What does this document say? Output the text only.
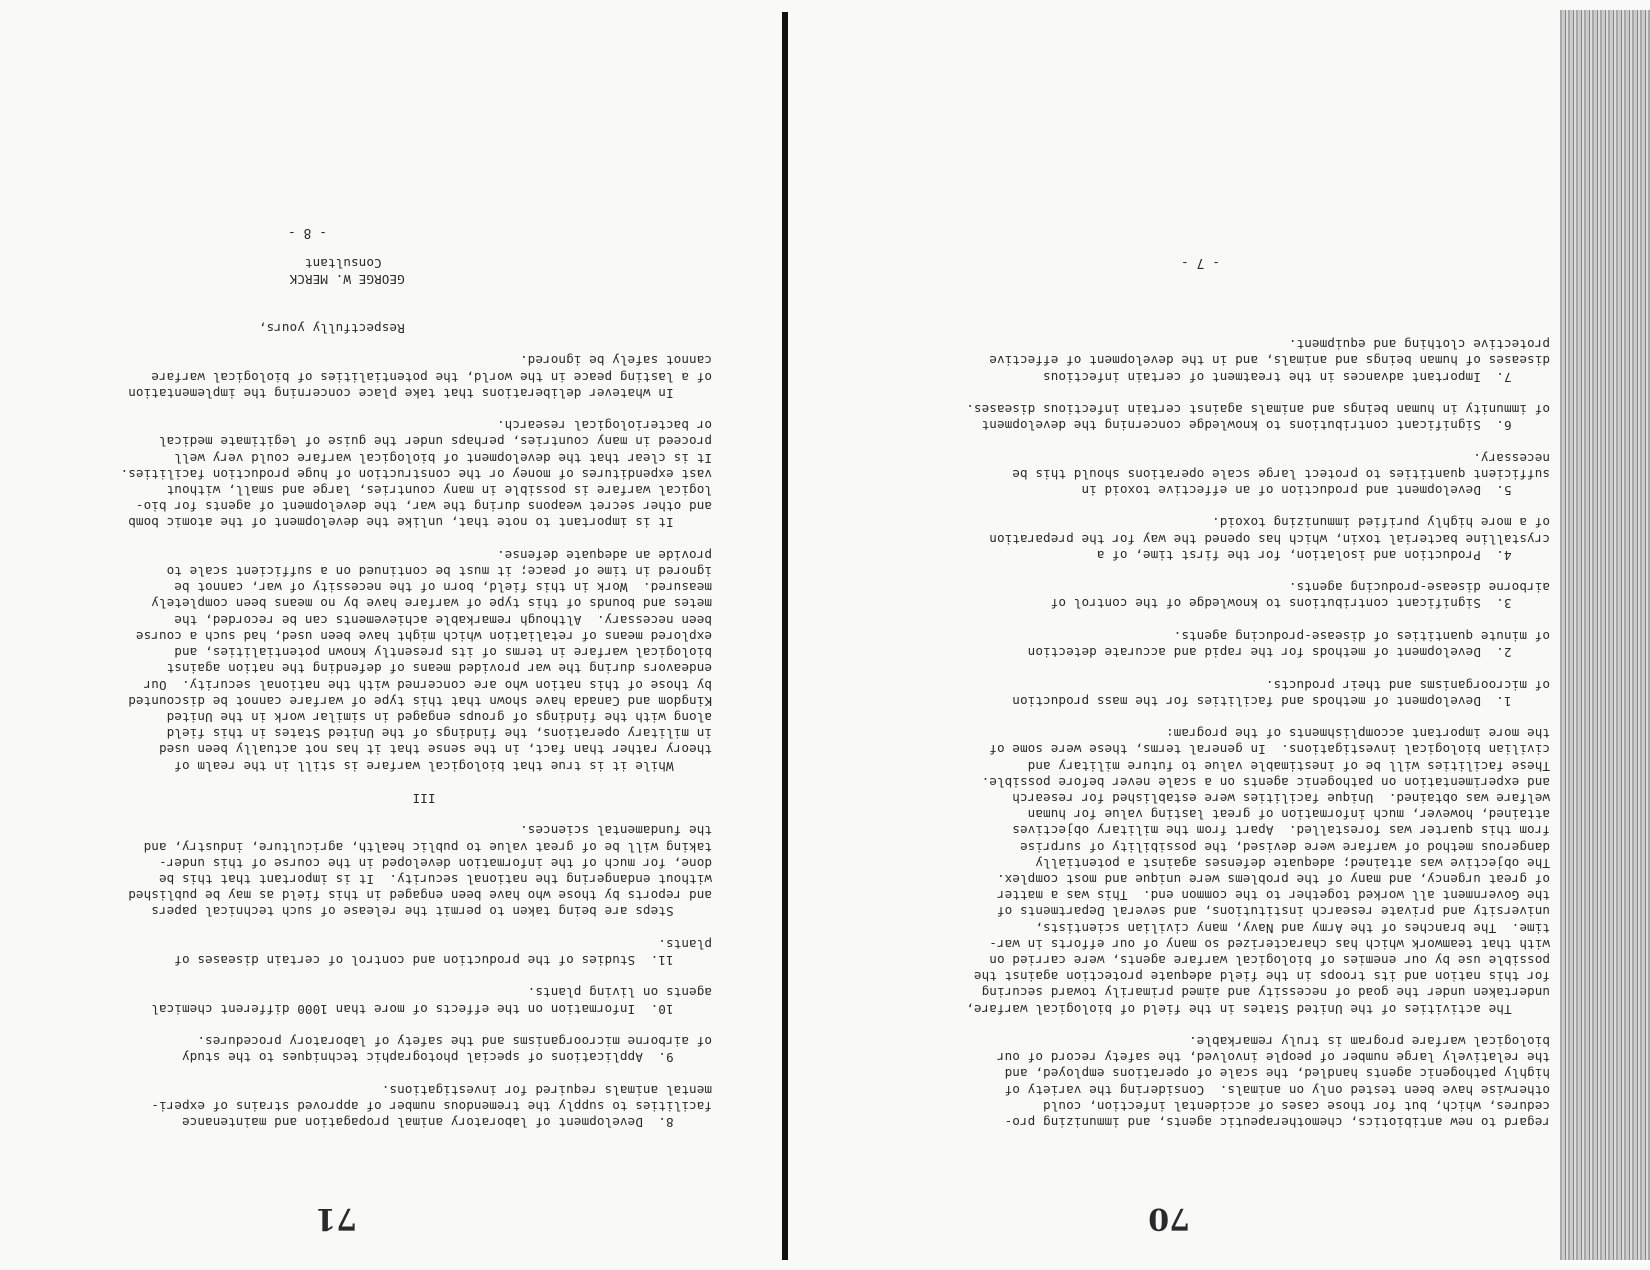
70

regard to new antibiotics, chemotherapeutic agents, and immunizing pro-

cedures, which, but for those cases of accidental infection, could

otherwise have been tested only on animals.  Considering the variety of

highly pathogenic agents handled, the scale of operations employed, and

the relatively large number of people involved, the safety record of our

biological warfare program is truly remarkable.

The activities of the United States in the field of biological warfare,

undertaken under the goad of necessity and aimed primarily toward securing

for this nation and its troops in the field adequate protection against the

possible use by our enemies of biological warfare agents, were carried on

with that teamwork which has characterized so many of our efforts in war-

time.  The branches of the Army and Navy, many civilian scientists,

university and private research institutions, and several Departments of

the Government all worked together to the common end.  This was a matter

of great urgency, and many of the problems were unique and most complex.

The objective was attained; adequate defenses against a potentially

dangerous method of warfare were devised, the possibility of surprise

from this quarter was forestalled.  Apart from the military objectives

attained, however, much information of great lasting value for human

welfare was obtained.  Unique facilities were established for research

and experimentation on pathogenic agents on a scale never before possible.

These facilities will be of inestimable value to future military and

civilian biological investigations.  In general terms, these were some of

the more important accomplishments of the program:

1.  Development of methods and facilities for the mass production

of microorganisms and their products.

2.  Development of methods for the rapid and accurate detection

of minute quantities of disease-producing agents.

3.  Significant contributions to knowledge of the control of

airborne disease-producing agents.

4.  Production and isolation, for the first time, of a

crystalline bacterial toxin, which has opened the way for the preparation

of a more highly purified immunizing toxoid.

5.  Development and production of an effective toxoid in

sufficient quantities to protect large scale operations should this be

necessary.

6.  Significant contributions to knowledge concerning the development

of immunity in human beings and animals against certain infectious diseases.

7.  Important advances in the treatment of certain infectious

diseases of human beings and animals, and in the development of effective

protective clothing and equipment.

- 7 -
71

8.  Development of laboratory animal propagation and maintenance

facilities to supply the tremendous number of approved strains of experi-

mental animals required for investigations.

9.  Applications of special photographic techniques to the study

of airborne microorganisms and the safety of laboratory procedures.

10.  Information on the effects of more than 1000 different chemical

agents on living plants.

11.  Studies of the production and control of certain diseases of

plants.

Steps are being taken to permit the release of such technical papers

and reports by those who have been engaged in this field as may be published

without endangering the national security.  It is important that this be

done, for much of the information developed in the course of this under-

taking will be of great value to public health, agriculture, industry, and

the fundamental sciences.

III

While it is true that biological warfare is still in the realm of

theory rather than fact, in the sense that it has not actually been used

in military operations, the findings of the United States in this field

along with the findings of groups engaged in similar work in the United

Kingdom and Canada have shown that this type of warfare cannot be discounted

by those of this nation who are concerned with the national security.  Our

endeavors during the war provided means of defending the nation against

biological warfare in terms of its presently known potentialities, and

explored means of retaliation which might have been used, had such a course

been necessary.  Although remarkable achievements can be recorded, the

metes and bounds of this type of warfare have by no means been completely

measured.  Work in this field, born of the necessity of war, cannot be

ignored in time of peace; it must be continued on a sufficient scale to

provide an adequate defense.

It is important to note that, unlike the development of the atomic bomb

and other secret weapons during the war, the development of agents for bio-

logical warfare is possible in many countries, large and small, without

vast expenditures of money or the construction of huge production facilities.

It is clear that the development of biological warfare could very well

proceed in many countries, perhaps under the guise of legitimate medical

or bacteriological research.

In whatever deliberations that take place concerning the implementation

of a lasting peace in the world, the potentialities of biological warfare

cannot safely be ignored.

Respectfully yours,

GEORGE W. MERCK

Consultant

- 8 -
